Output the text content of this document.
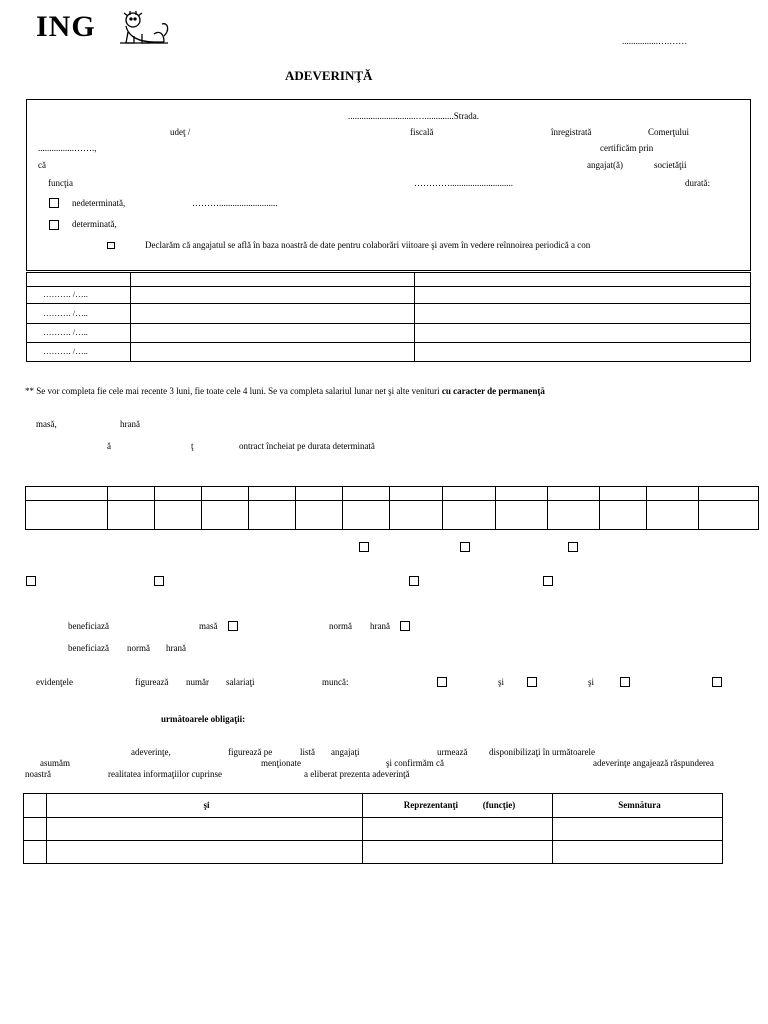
ING	................….……
ADEVERINŢĂ
..............................….............Strada.
udeţ /	fiscală	înregistrată	Comerţului
................…….,	certificăm prin
că	angajat(ă)	societăţii
funcţia	…………............................	durată:
nedeterminată,	………..........................
determinată,
Declarăm că angajatul se află în baza noastră de date pentru colaborări viitoare şi avem în vedere reînnoirea periodică a con

………. /…..		
………. /…..		
………. /…..		
………. /…..		
** Se vor completa fie cele mai recente 3 luni, fie toate cele 4 luni. Se va completa salariul lunar net şi alte venituri cu caracter de permanenţă
masă,	hrană
ă	ţ	ontract încheiat pe durata determinată

beneficiază	masă	normă hrană
beneficiază normă hrană
evidenţele	figurează număr salariaţi	muncă:	şi	şi
următoarele obligaţii:
adeverinţe,	figurează pe	listă angajaţi	urmează disponibilizaţi în următoarele
asumăm	menţionate	şi confirmăm că	adeverinţe angajează răspunderea
noastră	realitatea informaţiilor cuprinse	a eliberat prezenta adeverinţă
	şi	Reprezentanţi           (funcţie)	Semnătura
